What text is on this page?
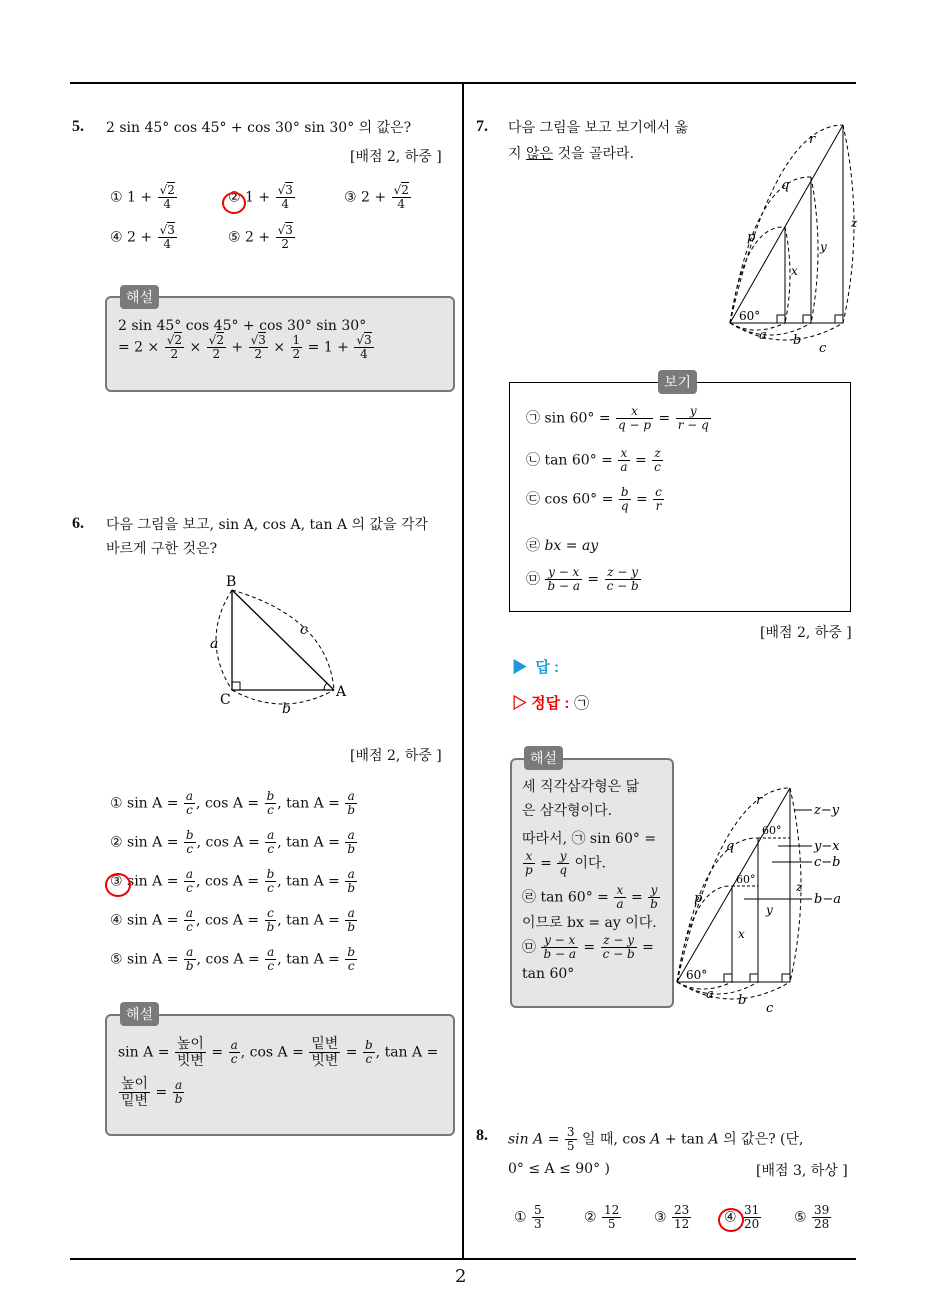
2
5. 2 sin 45° cos 45° + cos 30° sin 30° 의 값은?
[배점 2, 하중 ]
① $1 + \frac{√2}{4}$	② $1 + \frac{√3}{4}$	③ $2 + \frac{√2}{4}$
④ $2 + \frac{√3}{4}$	⑤ $2 + \frac{√3}{2}$
해설
2 sin 45° cos 45° + cos 30° sin 30°
= $2 \times \frac{√2}{2} \times \frac{√2}{2} + \frac{√3}{2} \times \frac{1}{2} = 1 + \frac{√3}{4}$
6. 다음 그림을 보고, sin A, cos A, tan A 의 값을 각각
바르게 구한 것은?
B
C	A
a
b
c
[배점 2, 하중 ]
① $\sin A = \frac{a}{c}$ , $\cos A = \frac{b}{c}$ , $\tan A = \frac{a}{b}$
② $\sin A = \frac{b}{c}$ , $\cos A = \frac{a}{c}$ , $\tan A = \frac{a}{b}$
③ $\sin A = \frac{a}{c}$ , $\cos A = \frac{b}{c}$ , $\tan A = \frac{a}{b}$
④ $\sin A = \frac{a}{c}$ , $\cos A = \frac{c}{b}$ , $\tan A = \frac{a}{b}$
⑤ $\sin A = \frac{a}{b}$ , $\cos A = \frac{a}{c}$ , $\tan A = \frac{b}{c}$
해설
$\sin A = \frac{\text{높이}}{\text{빗변}} = \frac{a}{c}$ , $\cos A = \frac{\text{밑변}}{\text{빗변}} = \frac{b}{c}$ , tan A =
$\frac{\text{높이}}{\text{밑변}} = \frac{a}{b}$
7. 다음 그림을 보고 보기에서 옳
지 않은 것을 골라라.
r
q
p
z
y
x
60°
a b
c
보기
㉠ $\sin 60^\circ = \frac{x}{q - p} = \frac{y}{r - q}$
㉡ $\tan 60^\circ = \frac{x}{a} = \frac{z}{c}$
㉢ $\cos 60^\circ = \frac{b}{q} = \frac{c}{r}$
㉣ bx = ay
㉤ $\frac{y - x}{b - a} = \frac{z - y}{c - b}$
[배점 2, 하중 ]
▶  답 :
▷ 정답 : ㉠
해설
세 직각삼각형은 닮
은 삼각형이다.
따라서, ㉠ sin 60° =
$\frac{x}{p} = \frac{y}{q}$ 이다.
㉣ $\tan 60^\circ = \frac{x}{a} = \frac{y}{b}$
이므로 bx = ay 이다.
㉤ $\frac{y - x}{b - a} = \frac{z - y}{c - b}$ =
tan 60°
r
q
p
z−y
y−x
c−b
b−a
60°
60°
60°
y
x
z
a b
c
8. $\sin A = \frac{3}{5}$ 일 때, cos A + tan A 의 값은? (단,
0° ≤ A ≤ 90° )	[배점 3, 하상 ]
① $\frac{5}{3}$	② $\frac{12}{5}$ ③ $\frac{23}{12}$ ④ $\frac{31}{20}$ ⑤ $\frac{39}{28}$
